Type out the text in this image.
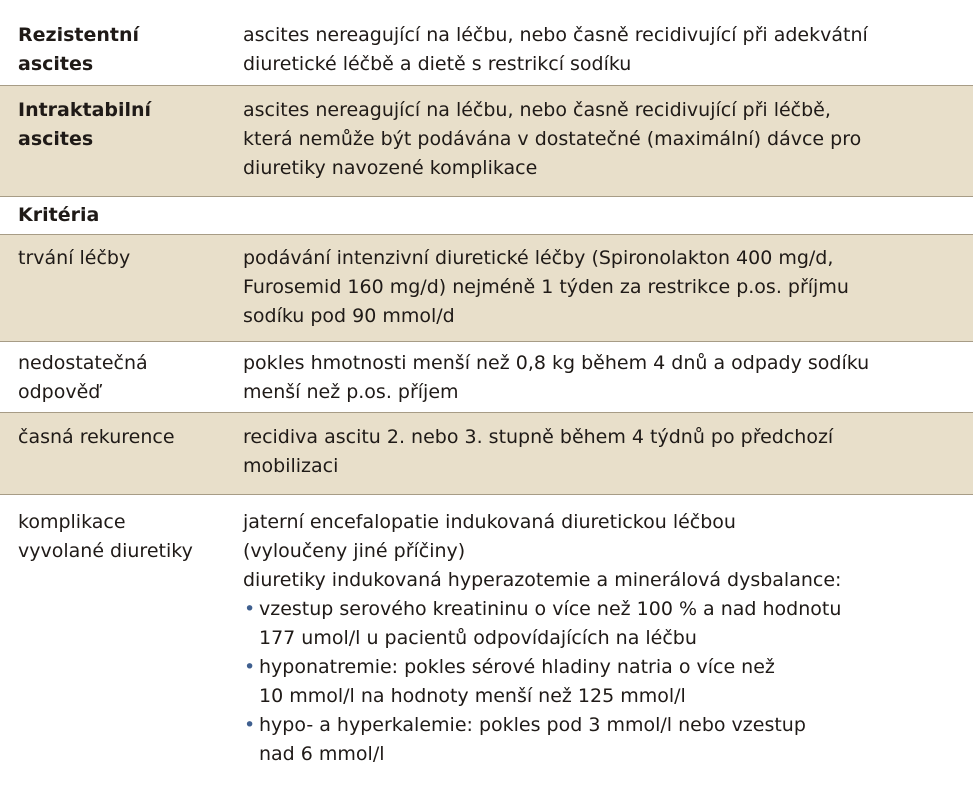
Rezistentní
ascites
ascites nereagující na léčbu, nebo časně recidivující při adekvátní
diuretické léčbě a dietě s restrikcí sodíku
Intraktabilní
ascites
ascites nereagující na léčbu, nebo časně recidivující při léčbě,
která nemůže být podávána v dostatečné (maximální) dávce pro
diuretiky navozené komplikace
Kritéria
trvání léčby	podávání intenzivní diuretické léčby (Spironolakton 400 mg/d,
Furosemid 160 mg/d) nejméně 1 týden za restrikce p.os. příjmu
sodíku pod 90 mmol/d
nedostatečná
odpověď
pokles hmotnosti menší než 0,8 kg během 4 dnů a odpady sodíku
menší než p.os. příjem
časná rekurence	recidiva ascitu 2. nebo 3. stupně během 4 týdnů po předchozí
mobilizaci
komplikace
vyvolané diuretiky
jaterní encefalopatie indukovaná diuretickou léčbou
(vyloučeny jiné příčiny)
diuretiky indukovaná hyperazotemie a minerálová dysbalance:
• vzestup serového kreatininu o více než 100 % a nad hodnotu
177 umol/l u pacientů odpovídajících na léčbu
• hyponatremie: pokles sérové hladiny natria o více než
10 mmol/l na hodnoty menší než 125 mmol/l
• hypo- a hyperkalemie: pokles pod 3 mmol/l nebo vzestup
nad 6 mmol/l
